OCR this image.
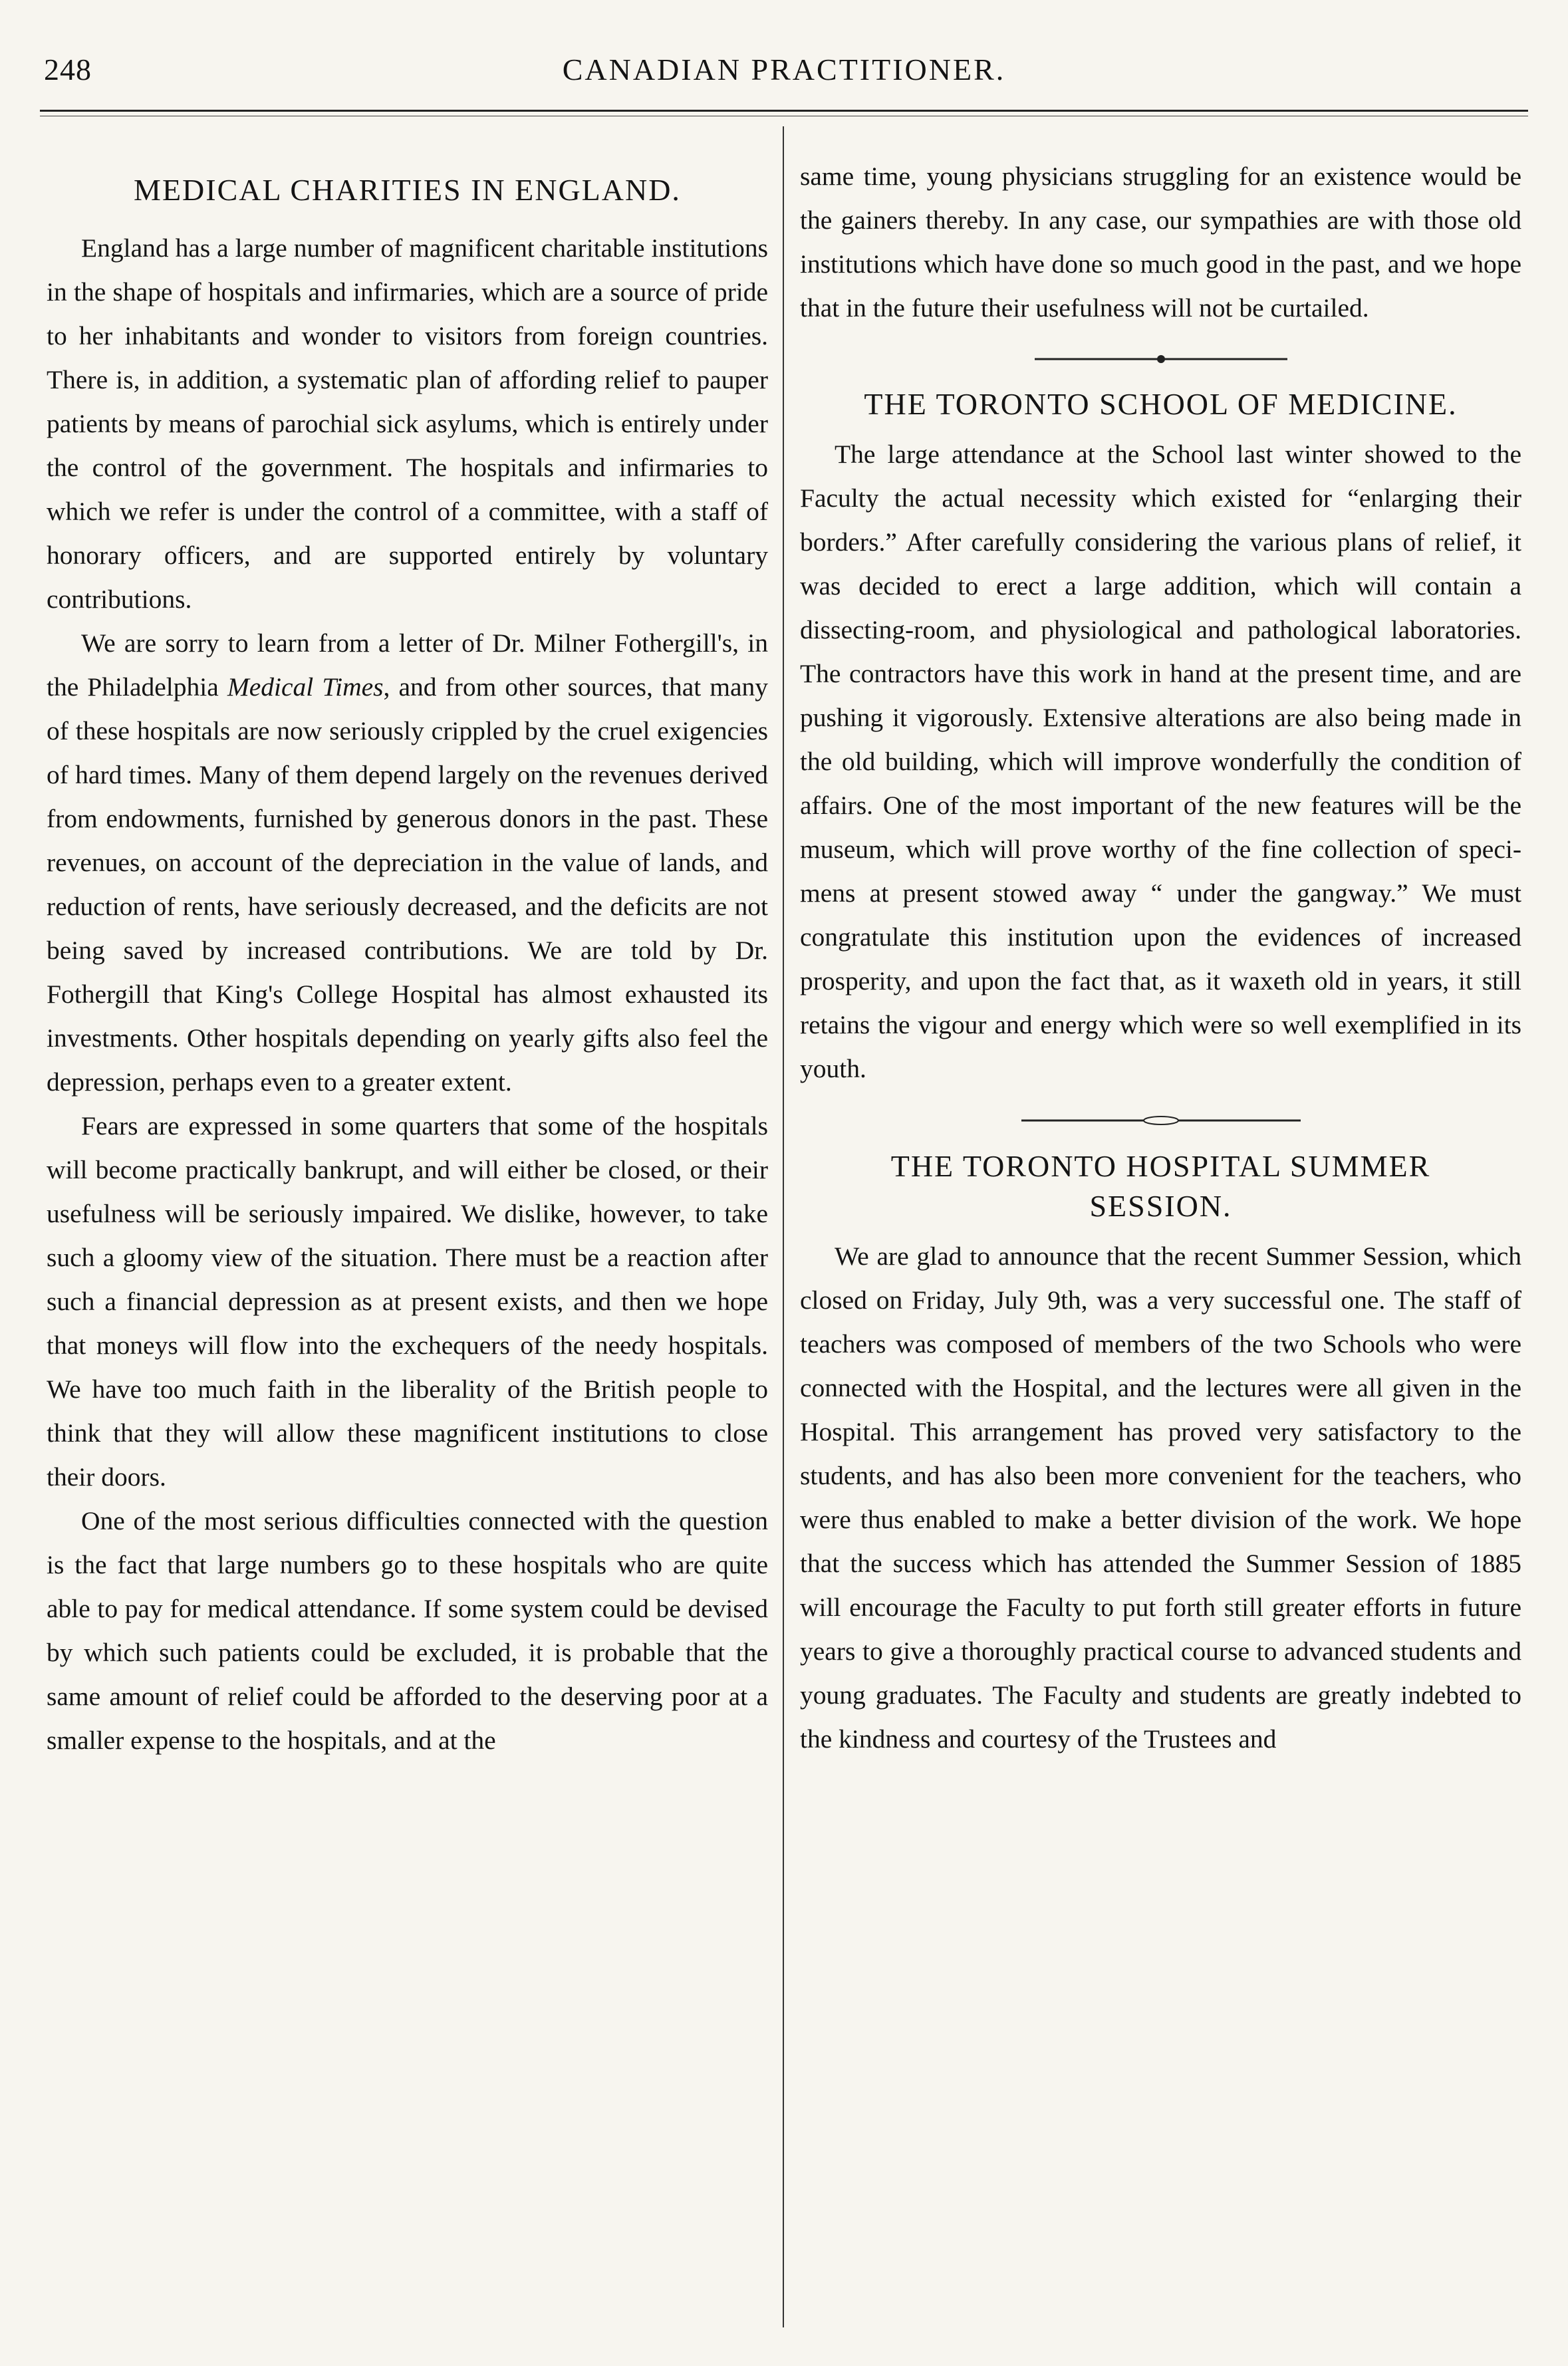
248	CANADIAN PRACTITIONER.
MEDICAL CHARITIES IN ENGLAND.

England has a large number of magnificent charitable institutions in the shape of hospitals and infirmaries, which are a source of pride to her inhabitants and wonder to visitors from foreign countries. There is, in addition, a systematic plan of affording relief to pauper patients by means of parochial sick asylums, which is entirely under the control of the government. The hospitals and infirmaries to which we refer is under the control of a committee, with a staff of honorary officers, and are supported entirely by voluntary contributions.

We are sorry to learn from a letter of Dr. Milner Fothergill's, in the Philadelphia Medical Times, and from other sources, that many of these hospitals are now seriously crippled by the cruel exigencies of hard times. Many of them depend largely on the revenues derived from endowments, furnished by generous donors in the past. These revenues, on account of the depreciation in the value of lands, and reduction of rents, have seriously decreased, and the deficits are not being saved by increased contributions. We are told by Dr. Fothergill that King's College Hospital has almost exhausted its investments. Other hospitals depending on yearly gifts also feel the depression, perhaps even to a greater extent.

Fears are expressed in some quarters that some of the hospitals will become practically bankrupt, and will either be closed, or their usefulness will be seriously impaired. We dislike, however, to take such a gloomy view of the situation. There must be a reaction after such a financial depression as at present exists, and then we hope that moneys will flow into the exchequers of the needy hospitals. We have too much faith in the liberality of the British people to think that they will allow these magnificent institutions to close their doors.

One of the most serious difficulties connected with the question is the fact that large numbers go to these hospitals who are quite able to pay for medical attendance. If some system could be devised by which such patients could be excluded, it is probable that the same amount of relief could be afforded to the deserving poor at a smaller expense to the hospitals, and at the

same time, young physicians struggling for an existence would be the gainers thereby. In any case, our sympathies are with those old institutions which have done so much good in the past, and we hope that in the future their usefulness will not be curtailed.

THE TORONTO SCHOOL OF MEDICINE.

The large attendance at the School last winter showed to the Faculty the actual necessity which existed for “enlarging their borders.” After carefully considering the various plans of relief, it was decided to erect a large addition, which will contain a dissecting-room, and physiological and pathological laboratories. The contractors have this work in hand at the present time, and are pushing it vigorously. Extensive alterations are also being made in the old building, which will improve wonderfully the condition of affairs. One of the most important of the new features will be the museum, which will prove worthy of the fine collection of specimens at present stowed away “ under the gangway.” We must congratulate this institution upon the evidences of increased prosperity, and upon the fact that, as it waxeth old in years, it still retains the vigour and energy which were so well exemplified in its youth.

THE TORONTO HOSPITAL SUMMER
SESSION.

We are glad to announce that the recent Summer Session, which closed on Friday, July 9th, was a very successful one. The staff of teachers was composed of members of the two Schools who were connected with the Hospital, and the lectures were all given in the Hospital. This arrangement has proved very satisfactory to the students, and has also been more convenient for the teachers, who were thus enabled to make a better division of the work. We hope that the success which has attended the Summer Session of 1885 will encourage the Faculty to put forth still greater efforts in future years to give a thoroughly practical course to advanced students and young graduates. The Faculty and students are greatly indebted to the kindness and courtesy of the Trustees and
